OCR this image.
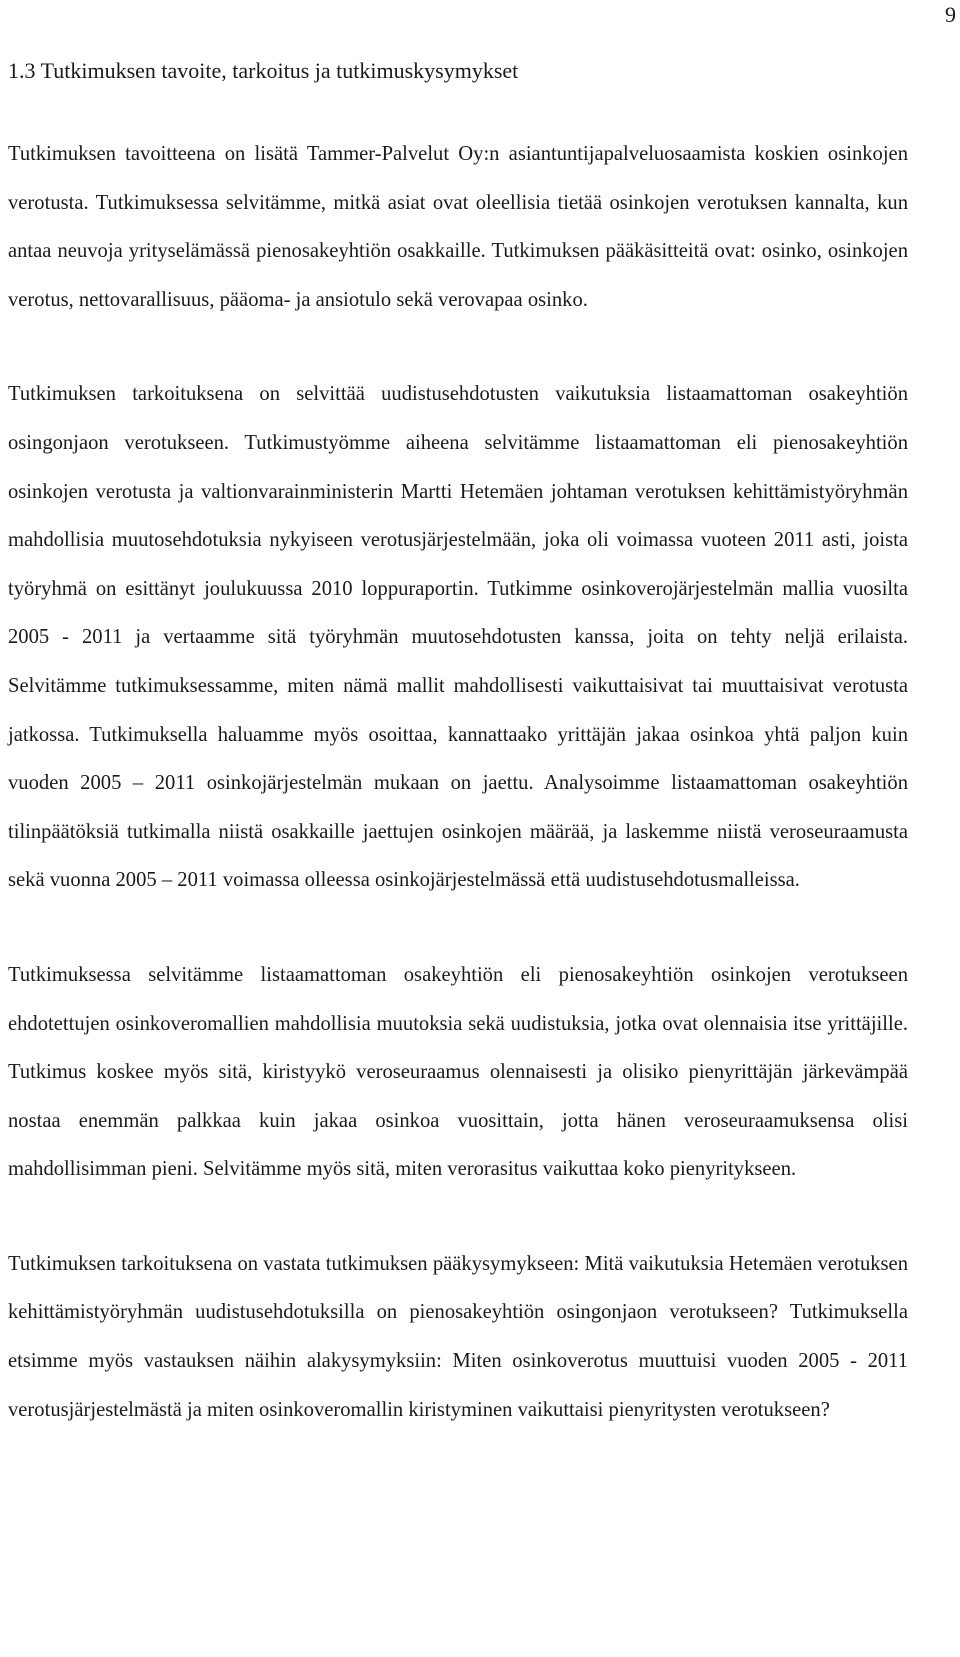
9
1.3 Tutkimuksen tavoite, tarkoitus ja tutkimuskysymykset

Tutkimuksen tavoitteena on lisätä Tammer-Palvelut Oy:n asiantuntijapalveluosaamista koskien osinkojen verotusta. Tutkimuksessa selvitämme, mitkä asiat ovat oleellisia tietää osinkojen verotuksen kannalta, kun antaa neuvoja yrityselämässä pienosakeyhtiön osakkaille. Tutkimuksen pääkäsitteitä ovat: osinko, osinkojen verotus, nettovarallisuus, pääoma- ja ansiotulo sekä verovapaa osinko.

Tutkimuksen tarkoituksena on selvittää uudistusehdotusten vaikutuksia listaamattoman osakeyhtiön osingonjaon verotukseen. Tutkimustyömme aiheena selvitämme listaamattoman eli pienosakeyhtiön osinkojen verotusta ja valtionvarainministerin Martti Hetemäen johtaman verotuksen kehittämistyöryhmän mahdollisia muutosehdotuksia nykyiseen verotusjärjestelmään, joka oli voimassa vuoteen 2011 asti, joista työryhmä on esittänyt joulukuussa 2010 loppuraportin. Tutkimme osinkoverojärjestelmän mallia vuosilta 2005 - 2011 ja vertaamme sitä työryhmän muutosehdotusten kanssa, joita on tehty neljä erilaista. Selvitämme tutkimuksessamme, miten nämä mallit mahdollisesti vaikuttaisivat tai muuttaisivat verotusta jatkossa. Tutkimuksella haluamme myös osoittaa, kannattaako yrittäjän jakaa osinkoa yhtä paljon kuin vuoden 2005 – 2011 osinkojärjestelmän mukaan on jaettu. Analysoimme listaamattoman osakeyhtiön tilinpäätöksiä tutkimalla niistä osakkaille jaettujen osinkojen määrää, ja laskemme niistä veroseuraamusta sekä vuonna 2005 – 2011 voimassa olleessa osinkojärjestelmässä että uudistusehdotusmalleissa.

Tutkimuksessa selvitämme listaamattoman osakeyhtiön eli pienosakeyhtiön osinkojen verotukseen ehdotettujen osinkoveromallien mahdollisia muutoksia sekä uudistuksia, jotka ovat olennaisia itse yrittäjille. Tutkimus koskee myös sitä, kiristyykö veroseuraamus olennaisesti ja olisiko pienyrittäjän järkevämpää nostaa enemmän palkkaa kuin jakaa osinkoa vuosittain, jotta hänen veroseuraamuksensa olisi mahdollisimman pieni. Selvitämme myös sitä, miten verorasitus vaikuttaa koko pienyritykseen.

Tutkimuksen tarkoituksena on vastata tutkimuksen pääkysymykseen: Mitä vaikutuksia Hetemäen verotuksen kehittämistyöryhmän uudistusehdotuksilla on pienosakeyhtiön osingonjaon verotukseen? Tutkimuksella etsimme myös vastauksen näihin alakysymyksiin: Miten osinkoverotus muuttuisi vuoden 2005 - 2011 verotusjärjestelmästä ja miten osinkoveromallin kiristyminen vaikuttaisi pienyritysten verotukseen?
